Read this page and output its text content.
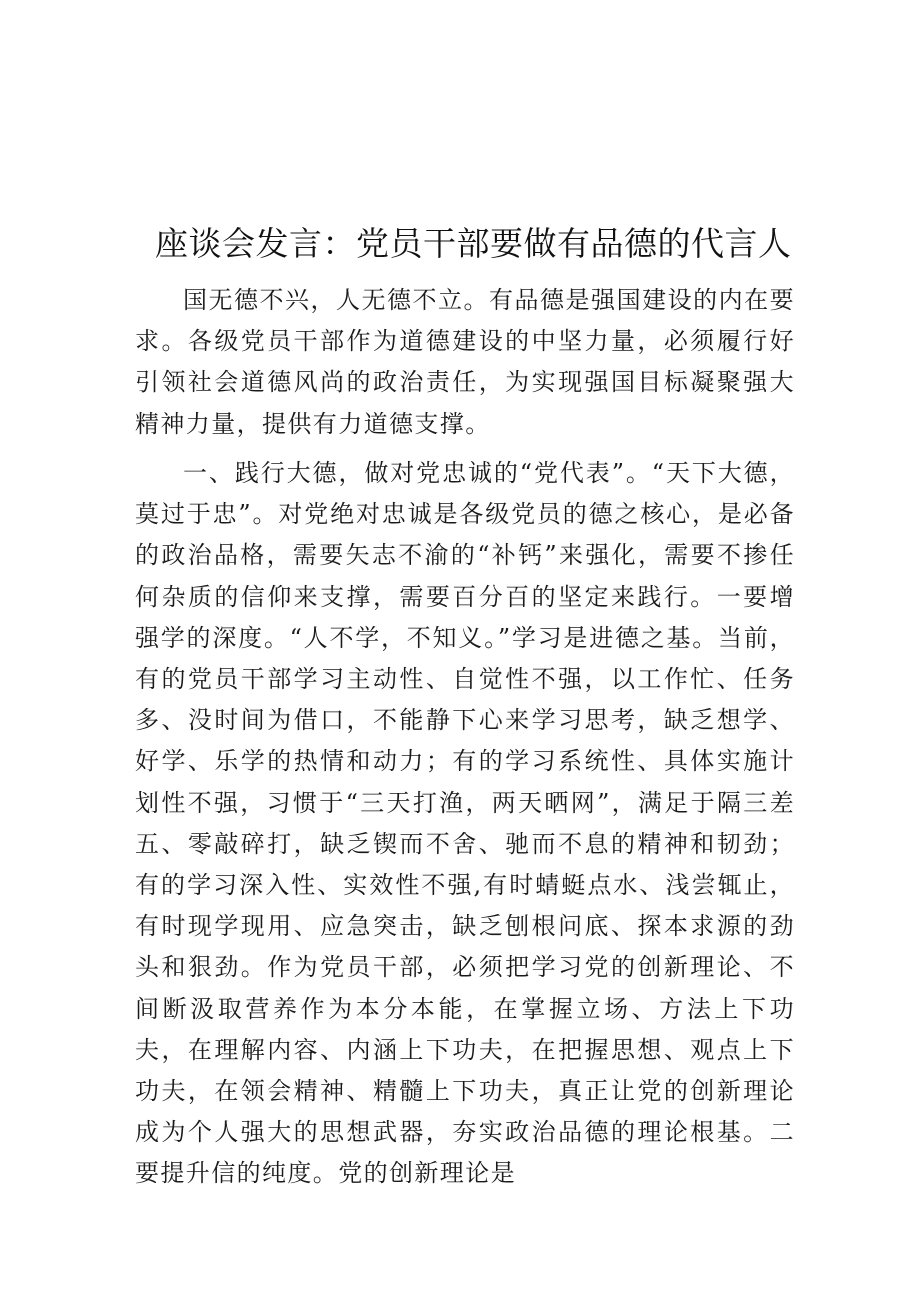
座谈会发言：党员干部要做有品德的代言人

国无德不兴，人无德不立。有品德是强国建设的内在要求。各级党员干部作为道德建设的中坚力量，必须履行好引领社会道德风尚的政治责任，为实现强国目标凝聚强大精神力量，提供有力道德支撑。

一、践行大德，做对党忠诚的“党代表”。“天下大德，莫过于忠”。对党绝对忠诚是各级党员的德之核心，是必备的政治品格，需要矢志不渝的“补钙”来强化，需要不掺任何杂质的信仰来支撑，需要百分百的坚定来践行。一要增强学的深度。“人不学，不知义。”学习是进德之基。当前，有的党员干部学习主动性、自觉性不强，以工作忙、任务多、没时间为借口，不能静下心来学习思考，缺乏想学、好学、乐学的热情和动力；有的学习系统性、具体实施计划性不强，习惯于“三天打渔，两天晒网”，满足于隔三差五、零敲碎打，缺乏锲而不舍、驰而不息的精神和韧劲；有的学习深入性、实效性不强,有时蜻蜓点水、浅尝辄止，有时现学现用、应急突击，缺乏刨根问底、探本求源的劲头和狠劲。作为党员干部，必须把学习党的创新理论、不间断汲取营养作为本分本能，在掌握立场、方法上下功夫，在理解内容、内涵上下功夫，在把握思想、观点上下功夫，在领会精神、精髓上下功夫，真正让党的创新理论成为个人强大的思想武器，夯实政治品德的理论根基。二要提升信的纯度。党的创新理论是
